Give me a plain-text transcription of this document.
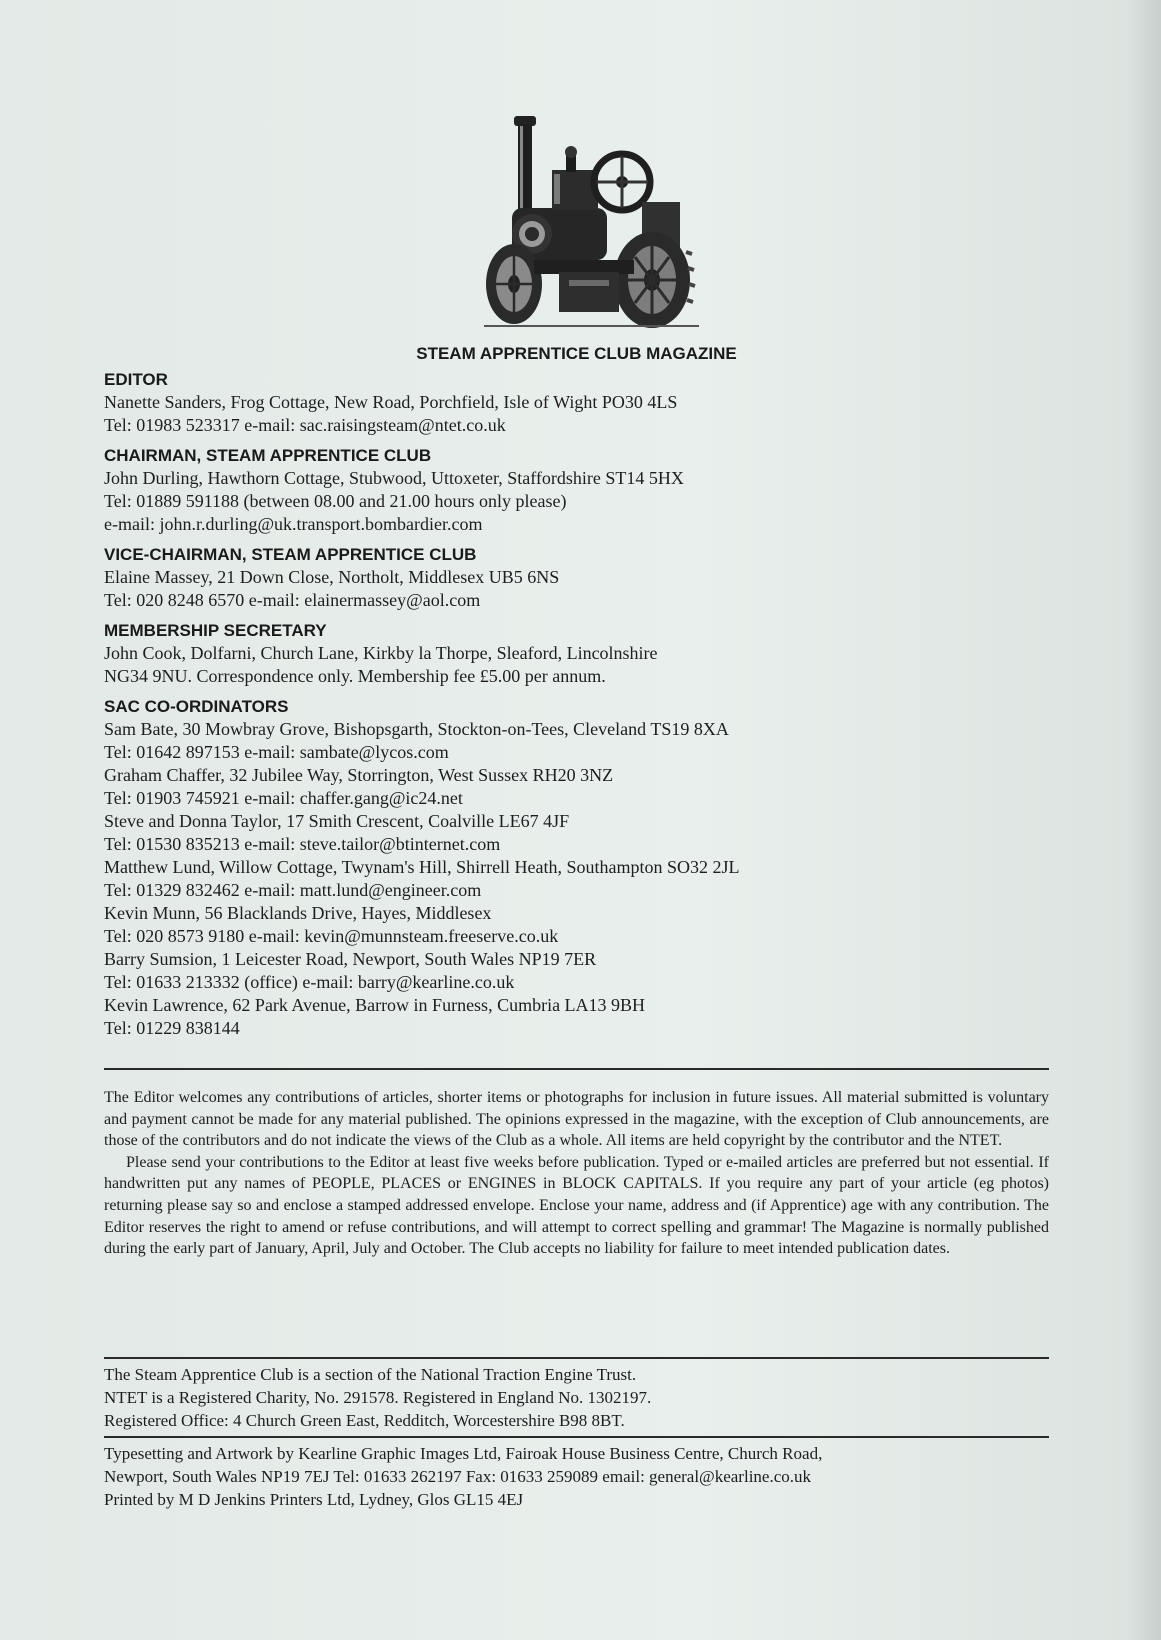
STEAM APPRENTICE CLUB MAGAZINE
EDITOR
Nanette Sanders, Frog Cottage, New Road, Porchfield, Isle of Wight PO30 4LS
Tel: 01983 523317 e-mail: sac.raisingsteam@ntet.co.uk
CHAIRMAN, STEAM APPRENTICE CLUB
John Durling, Hawthorn Cottage, Stubwood, Uttoxeter, Staffordshire ST14 5HX
Tel: 01889 591188 (between 08.00 and 21.00 hours only please)
e-mail: john.r.durling@uk.transport.bombardier.com
VICE-CHAIRMAN, STEAM APPRENTICE CLUB
Elaine Massey, 21 Down Close, Northolt, Middlesex UB5 6NS
Tel: 020 8248 6570 e-mail: elainermassey@aol.com
MEMBERSHIP SECRETARY
John Cook, Dolfarni, Church Lane, Kirkby la Thorpe, Sleaford, Lincolnshire
NG34 9NU. Correspondence only. Membership fee £5.00 per annum.
SAC CO-ORDINATORS
Sam Bate, 30 Mowbray Grove, Bishopsgarth, Stockton-on-Tees, Cleveland TS19 8XA
Tel: 01642 897153 e-mail: sambate@lycos.com
Graham Chaffer, 32 Jubilee Way, Storrington, West Sussex RH20 3NZ
Tel: 01903 745921 e-mail: chaffer.gang@ic24.net
Steve and Donna Taylor, 17 Smith Crescent, Coalville LE67 4JF
Tel: 01530 835213 e-mail: steve.tailor@btinternet.com
Matthew Lund, Willow Cottage, Twynam's Hill, Shirrell Heath, Southampton SO32 2JL
Tel: 01329 832462 e-mail: matt.lund@engineer.com
Kevin Munn, 56 Blacklands Drive, Hayes, Middlesex
Tel: 020 8573 9180 e-mail: kevin@munnsteam.freeserve.co.uk
Barry Sumsion, 1 Leicester Road, Newport, South Wales NP19 7ER
Tel: 01633 213332 (office) e-mail: barry@kearline.co.uk
Kevin Lawrence, 62 Park Avenue, Barrow in Furness, Cumbria LA13 9BH
Tel: 01229 838144

The Editor welcomes any contributions of articles, shorter items or photographs for inclusion in future issues. All material submitted is voluntary and payment cannot be made for any material published. The opinions expressed in the magazine, with the exception of Club announcements, are those of the contributors and do not indicate the views of the Club as a whole. All items are held copyright by the contributor and the NTET.

Please send your contributions to the Editor at least five weeks before publication. Typed or e-mailed articles are preferred but not essential. If handwritten put any names of PEOPLE, PLACES or ENGINES in BLOCK CAPITALS. If you require any part of your article (eg photos) returning please say so and enclose a stamped addressed envelope. Enclose your name, address and (if Apprentice) age with any contribution. The Editor reserves the right to amend or refuse contributions, and will attempt to correct spelling and grammar! The Magazine is normally published during the early part of January, April, July and October. The Club accepts no liability for failure to meet intended publication dates.

The Steam Apprentice Club is a section of the National Traction Engine Trust.
NTET is a Registered Charity, No. 291578. Registered in England No. 1302197.
Registered Office: 4 Church Green East, Redditch, Worcestershire B98 8BT.
Typesetting and Artwork by Kearline Graphic Images Ltd, Fairoak House Business Centre, Church Road,
Newport, South Wales NP19 7EJ Tel: 01633 262197 Fax: 01633 259089 email: general@kearline.co.uk
Printed by M D Jenkins Printers Ltd, Lydney, Glos GL15 4EJ
